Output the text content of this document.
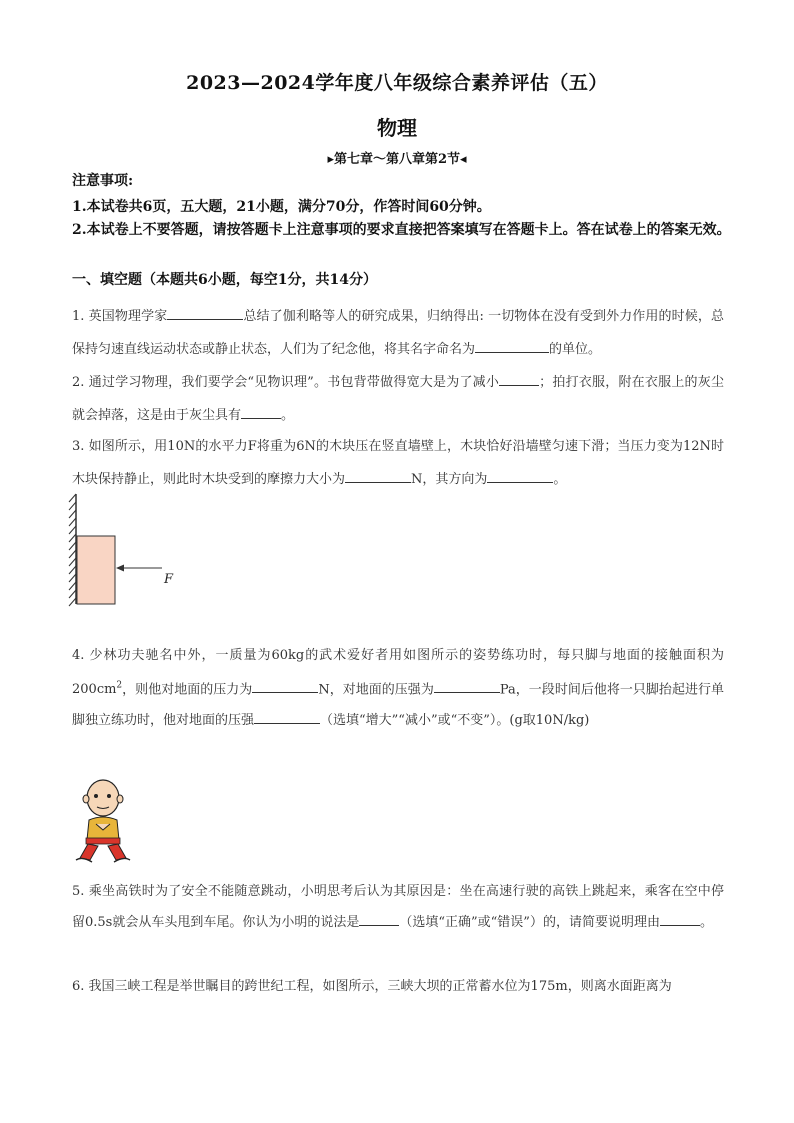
2023—2024学年度八年级综合素养评估（五）
物理
▸第七章～第八章第2节◂
注意事项:
1.本试卷共6页，五大题，21小题，满分70分，作答时间60分钟。
2.本试卷上不要答题，请按答题卡上注意事项的要求直接把答案填写在答题卡上。答在试卷上的答案无效。
一、填空题（本题共6小题，每空1分，共14分）
1. 英国物理学家	总结了伽利略等人的研究成果，归纳得出: 一切物体在没有受到外力作用的时候，总保持匀速直线运动状态或静止状态，人们为了纪念他，将其名字命名为	的单位。
2. 通过学习物理，我们要学会“见物识理”。书包背带做得宽大是为了减小	；拍打衣服，附在衣服上的灰尘就会掉落，这是由于灰尘具有	。
3. 如图所示，用10N的水平力F将重为6N的木块压在竖直墙壁上，木块恰好沿墙壁匀速下滑；当压力变为12N时木块保持静止，则此时木块受到的摩擦力大小为	N，其方向为	。
F
4. 少林功夫驰名中外，一质量为60kg的武术爱好者用如图所示的姿势练功时，每只脚与地面的接触面积为 $200cm^2$，则他对地面的压力为	N，对地面的压强为	Pa，一段时间后他将一只脚抬起进行单脚独立练功时，他对地面的压强	（选填“增大”“减小”或“不变”）。(g取10N/kg)
5. 乘坐高铁时为了安全不能随意跳动，小明思考后认为其原因是：坐在高速行驶的高铁上跳起来，乘客在空中停留0.5s就会从车头甩到车尾。你认为小明的说法是	（选填“正确”或“错误”）的，请简要说明理由	。
6. 我国三峡工程是举世瞩目的跨世纪工程，如图所示，三峡大坝的正常蓄水位为175m，则离水面距离为
